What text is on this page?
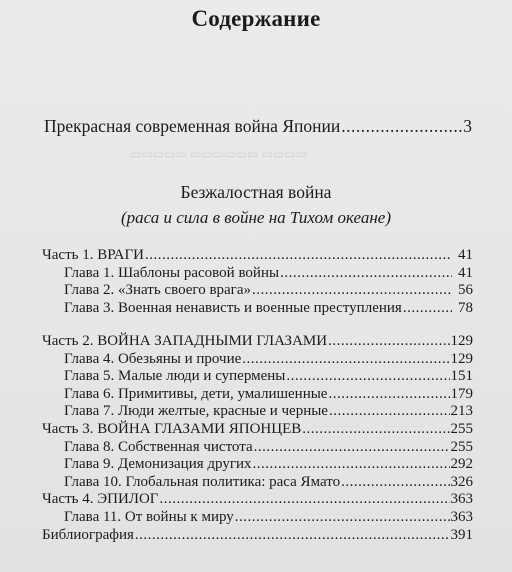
▭▭▭▭ ▭▭▭▭▭▭ ▭▭▭▭▭
Содержание
Прекрасная современная война Японии .....	3
Безжалостная война
(раса и сила в войне на Тихом океане)
Часть 1. ВРАГИ .....	41
Глава 1. Шаблоны расовой войны .....	41
Глава 2. «Знать своего врага» .....	56
Глава 3. Военная ненависть и военные преступления .....	78
Часть 2. ВОЙНА ЗАПАДНЫМИ ГЛАЗАМИ .....	129
Глава 4. Обезьяны и прочие .....	129
Глава 5. Малые люди и супермены .....	151
Глава 6. Примитивы, дети, умалишенные .....	179
Глава 7. Люди желтые, красные и черные .....	213
Часть 3. ВОЙНА ГЛАЗАМИ ЯПОНЦЕВ .....	255
Глава 8. Собственная чистота .....	255
Глава 9. Демонизация других .....	292
Глава 10. Глобальная политика: раса Ямато .....	326
Часть 4. ЭПИЛОГ .....	363
Глава 11. От войны к миру .....	363
Библиография .....	391
